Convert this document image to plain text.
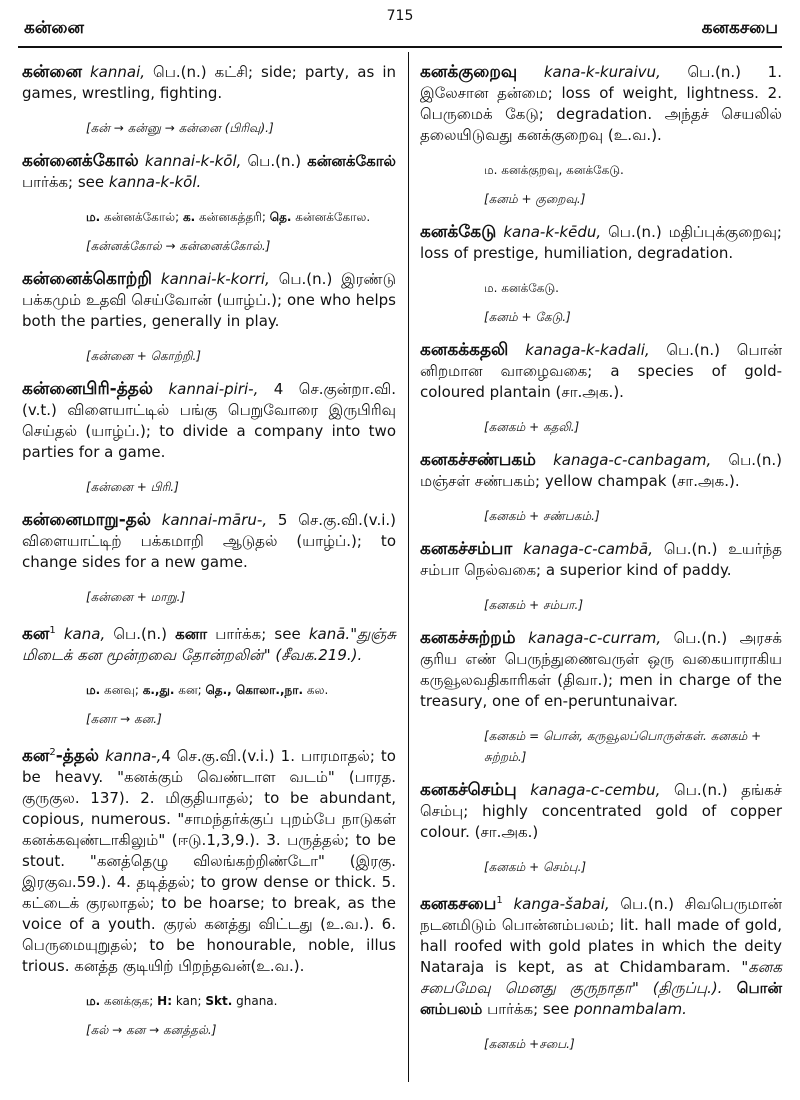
கன்னை
715
கனகசபை
கன்னை kannai, பெ.(n.) கட்சி; side; party, as in games, wrestling, fighting.
[கன் → கன்னு → கன்னை (பிரிவு).]
கன்னைக்கோல் kannai-k-kōl, பெ.(n.) கன்னக்கோல் பார்க்க; see kanna-k-kōl.
ம. கன்னக்கோல்; க. கன்னகத்தரி; தெ. கன்னக்கோல.
[கன்னக்கோல் → கன்னைக்கோல்.]
கன்னைக்கொற்றி kannai-k-korri, பெ.(n.) இரண்டு பக்கமும் உதவி செய்வோன் (யாழ்ப்.); one who helps both the parties, generally in play.
[கன்னை + கொற்றி.]
கன்னைபிரி-த்தல் kannai-piri-, 4 செ.குன்றா.வி.(v.t.) விளையாட்டில் பங்கு பெறுவோரை இருபிரிவு செய்தல் (யாழ்ப்.); to divide a company into two parties for a game.
[கன்னை + பிரி.]
கன்னைமாறு-தல் kannai-māru-, 5 செ.கு.வி.(v.i.) விளையாட்டிற் பக்கமாறி ஆடுதல் (யாழ்ப்.); to change sides for a new game.
[கன்னை + மாறு.]
கன$^1$ kana, பெ.(n.) கனா பார்க்க; see kanā."துஞ்சு மிடைக் கன மூன்றவை தோன்றலின்" (சீவக.219.).
ம. கனவு; க.,து. கன; தெ., கொலா.,நா. கல.
[கனா → கன.]
கன$^2$-த்தல் kanna-,4 செ.கு.வி.(v.i.) 1. பாரமாதல்; to be heavy. "கனக்கும் வெண்டாள வடம்" (பாரத. குருகுல. 137). 2. மிகுதியாதல்; to be abundant, copious, numerous. "சாமந்தர்க்குப் புறம்பே நாடுகள் கனக்கவுண்டாகிலும்" (ஈடு.1,3,9.). 3. பருத்தல்; to be stout. "கனத்தெழு விலங்கற்றிண்டோ" (இரகு. இரகுவ.59.). 4. தடித்தல்; to grow dense or thick. 5. கட்டைக் குரலாதல்; to be hoarse; to break, as the voice of a youth. குரல் கனத்து விட்டது (உ.வ.). 6. பெருமையுறுதல்; to be honourable, noble, illus trious. கனத்த குடியிற் பிறந்தவன்(உ.வ.).
ம. கனக்குக; H: kan; Skt. ghana.
[கல் → கன → கனத்தல்.]
கனக்குறைவு kana-k-kuraivu, பெ.(n.) 1. இலேசான தன்மை; loss of weight, lightness. 2. பெருமைக் கேடு; degradation. அந்தச் செயலில் தலையிடுவது கனக்குறைவு (உ.வ.).
ம. கனக்குறவு, கனக்கேடு.
[கனம் + குறைவு.]
கனக்கேடு kana-k-kēdu, பெ.(n.) மதிப்புக்குறைவு; loss of prestige, humiliation, degradation.
ம. கனக்கேடு.
[கனம் + கேடு.]
கனகக்கதலி kanaga-k-kadali, பெ.(n.) பொன் னிறமான வாழைவகை; a species of gold- coloured plantain (சா.அக.).
[கனகம் + கதலி.]
கனகச்சண்பகம் kanaga-c-canbagam, பெ.(n.) மஞ்சள் சண்பகம்; yellow champak (சா.அக.).
[கனகம் + சண்பகம்.]
கனகச்சம்பா kanaga-c-cambā, பெ.(n.) உயர்ந்த சம்பா நெல்வகை; a superior kind of paddy.
[கனகம் + சம்பா.]
கனகச்சுற்றம் kanaga-c-curram, பெ.(n.) அரசக் குரிய எண் பெருந்துணைவருள் ஒரு வகையாராகிய கருவூலவதிகாரிகள் (திவா.); men in charge of the treasury, one of en-peruntunaivar.
[கனகம் = பொன், கருவூலப்பொருள்கள். கனகம் + சுற்றம்.]
கனகச்செம்பு kanaga-c-cembu, பெ.(n.) தங்கச் செம்பு; highly concentrated gold of copper colour. (சா.அக.)
[கனகம் + செம்பு.]
கனகசபை$^1$ kanga-šabai, பெ.(n.) சிவபெருமான் நடனமிடும் பொன்னம்பலம்; lit. hall made of gold, hall roofed with gold plates in which the deity Nataraja is kept, as at Chidambaram. "கனக சபைமேவு மெனது குருநாதா" (திருப்பு.). பொன் னம்பலம் பார்க்க; see ponnambalam.
[கனகம் +சபை.]
